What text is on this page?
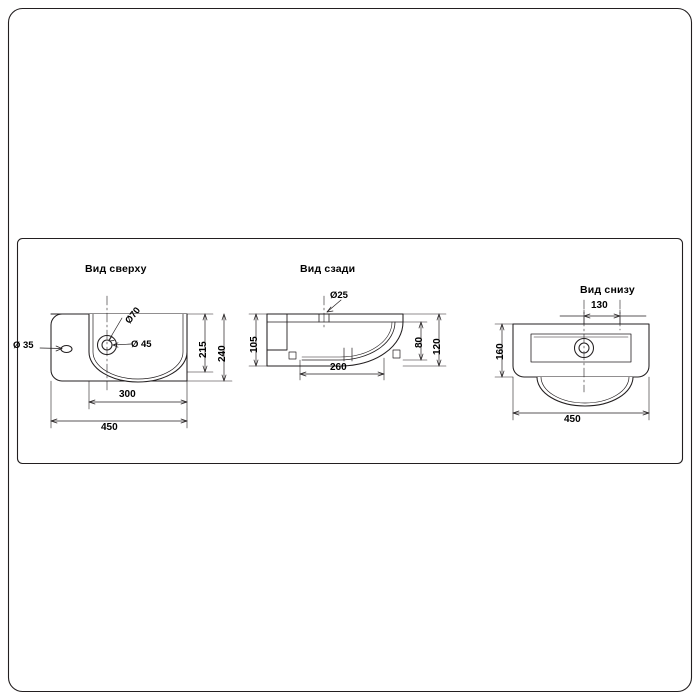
Вид сверху	Вид сзади
Вид снизу
Ø 35
Ø70
Ø 45	215 240
300
450
Ø25
105	80 120
260
130
160
450
